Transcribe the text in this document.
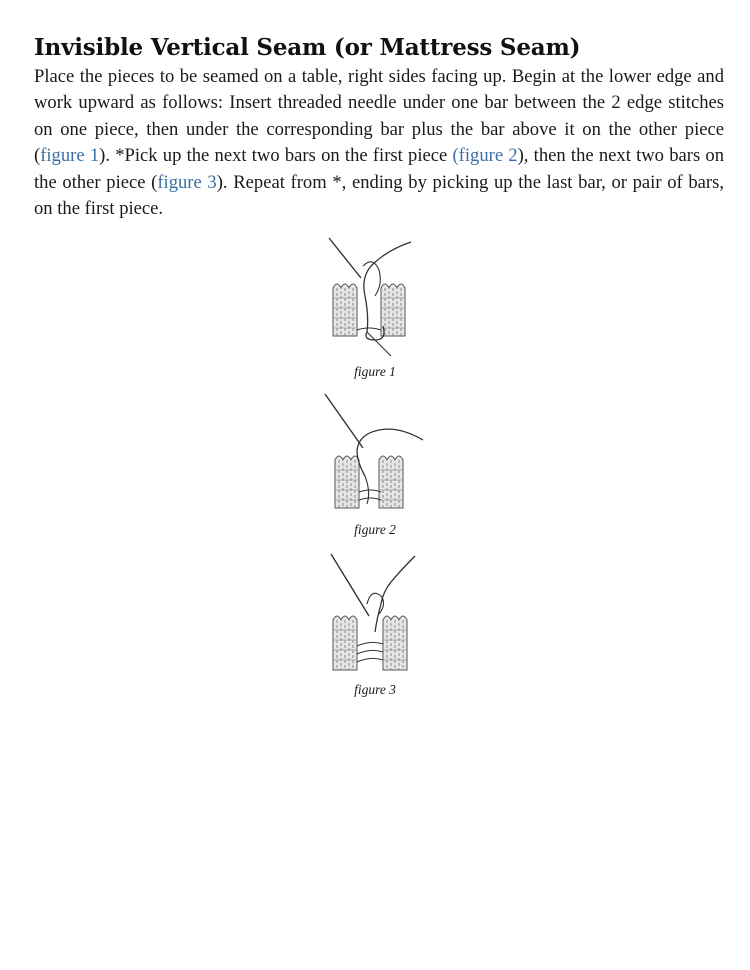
Invisible Vertical Seam (or Mattress Seam)

Place the pieces to be seamed on a table, right sides facing up. Begin at the lower edge and work upward as follows: Insert threaded needle under one bar between the 2 edge stitches on one piece, then under the corresponding bar plus the bar above it on the other piece (figure 1). *Pick up the next two bars on the first piece (figure 2), then the next two bars on the other piece (figure 3). Repeat from *, ending by picking up the last bar, or pair of bars, on the first piece.

figure 1
figure 2
figure 3
